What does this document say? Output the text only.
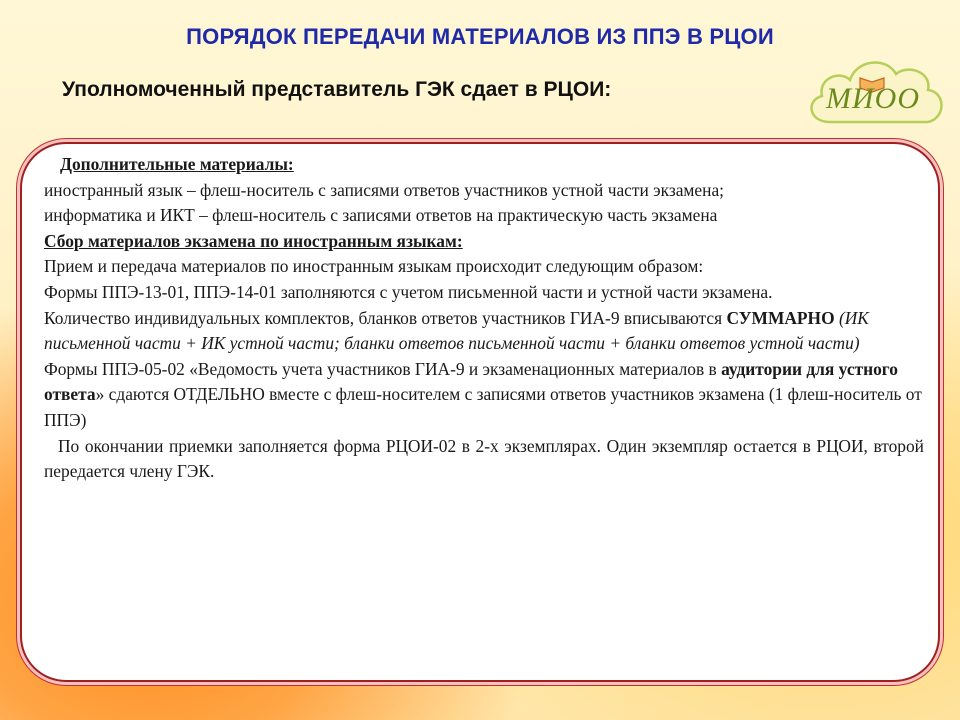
ПОРЯДОК ПЕРЕДАЧИ МАТЕРИАЛОВ ИЗ ППЭ В РЦОИ
Уполномоченный представитель ГЭК сдает в РЦОИ:	МИОО

Дополнительные материалы:

иностранный язык – флеш-носитель с записями ответов участников устной части экзамена;

информатика и ИКТ – флеш-носитель с записями ответов на практическую часть экзамена

Сбор материалов экзамена по иностранным языкам:

Прием и передача материалов по иностранным языкам происходит следующим образом:

Формы ППЭ-13-01, ППЭ-14-01 заполняются с учетом письменной части и устной части экзамена.

Количество индивидуальных комплектов, бланков ответов участников ГИА-9 вписываются СУММАРНО (ИК письменной части + ИК устной части; бланки ответов письменной части + бланки ответов устной части)

Формы ППЭ-05-02 «Ведомость учета участников ГИА-9 и экзаменационных материалов в аудитории для устного ответа» сдаются ОТДЕЛЬНО вместе с флеш-носителем с записями ответов участников экзамена (1 флеш-носитель от ППЭ)

По окончании приемки заполняется форма РЦОИ-02 в 2-х экземплярах. Один экземпляр остается в РЦОИ, второй передается члену ГЭК.
